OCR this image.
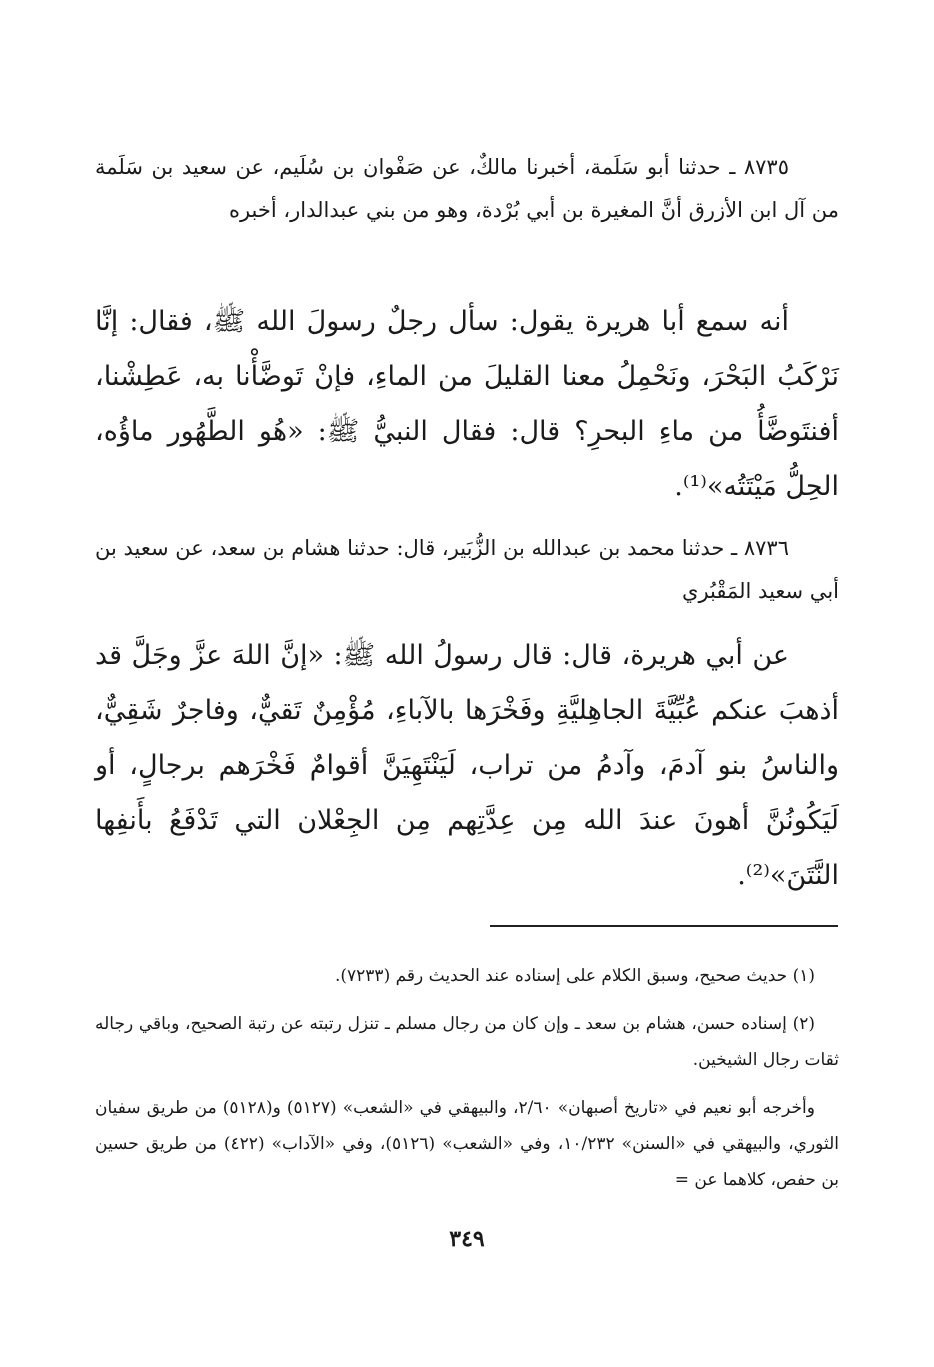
٨٧٣٥ ـ حدثنا أبو سَلَمة، أخبرنا مالكٌ، عن صَفْوان بن سُلَيم، عن سعيد بن سَلَمة من آل ابن الأزرق أنَّ المغيرة بن أبي بُرْدة، وهو من بني عبدالدار، أخبره

أنه سمع أبا هريرة يقول: سأل رجلٌ رسولَ الله ﷺ، فقال: إنَّا نَرْكَبُ البَحْرَ، ونَحْمِلُ معنا القليلَ من الماءِ، فإنْ تَوضَّأْنا به، عَطِشْنا، أفنتَوضَّأُ من ماءِ البحرِ؟ قال: فقال النبيُّ ﷺ: «هُو الطَّهُور ماؤُه، الحِلُّ مَيْتَتُه»⁽¹⁾.

٨٧٣٦ ـ حدثنا محمد بن عبدالله بن الزُّبَير، قال: حدثنا هشام بن سعد، عن سعيد بن أبي سعيد المَقْبُري

عن أبي هريرة، قال: قال رسولُ الله ﷺ: «إنَّ اللهَ عزَّ وجَلَّ قد أذهبَ عنكم عُبِّيَّةَ الجاهِليَّةِ وفَخْرَها بالآباءِ، مُؤْمِنٌ تَقيٌّ، وفاجرٌ شَقِيٌّ، والناسُ بنو آدمَ، وآدمُ من تراب، لَيَنْتَهِيَنَّ أقوامٌ فَخْرَهم برجالٍ، أو لَيَكُونُنَّ أهونَ عندَ الله مِن عِدَّتِهم مِن الجِعْلان التي تَدْفَعُ بأَنفِها النَّتَنَ»⁽²⁾.

(١) حديث صحيح، وسبق الكلام على إسناده عند الحديث رقم (٧٢٣٣).

(٢) إسناده حسن، هشام بن سعد ـ وإن كان من رجال مسلم ـ تنزل رتبته عن رتبة الصحيح، وباقي رجاله ثقات رجال الشيخين.

وأخرجه أبو نعيم في «تاريخ أصبهان» ٢/٦٠، والبيهقي في «الشعب» (٥١٢٧) و(٥١٢٨) من طريق سفيان الثوري، والبيهقي في «السنن» ١٠/٢٣٢، وفي «الشعب» (٥١٢٦)، وفي «الآداب» (٤٢٢) من طريق حسين بن حفص، كلاهما عن =

٣٤٩
